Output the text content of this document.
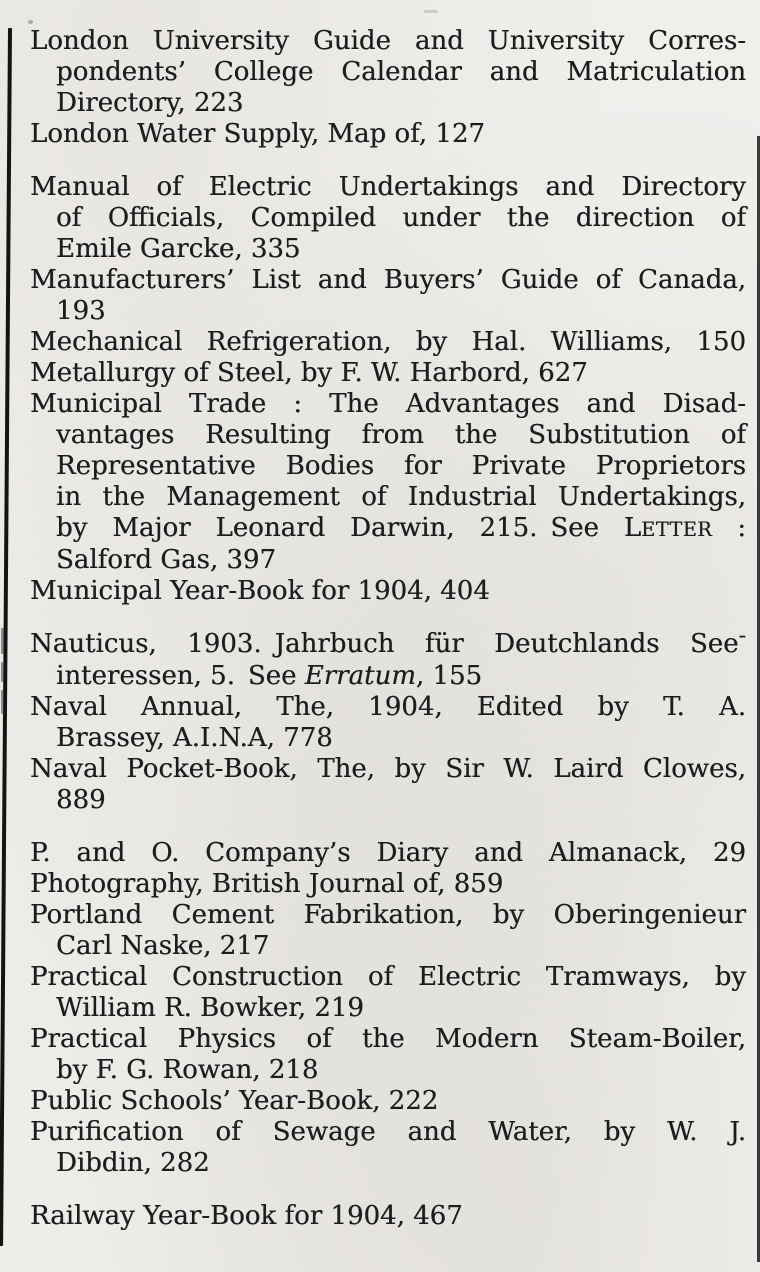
London University Guide and University Corres-
pondents’ College Calendar and Matriculation
Directory, 223
London Water Supply, Map of, 127
Manual of Electric Undertakings and Directory
of Officials, Compiled under the direction of
Emile Garcke, 335
Manufacturers’ List and Buyers’ Guide of Canada,
193
Mechanical Refrigeration, by Hal. Williams, 150
Metallurgy of Steel, by F. W. Harbord, 627
Municipal Trade : The Advantages and Disad-
vantages Resulting from the Substitution of
Representative Bodies for Private Proprietors
in the Management of Industrial Undertakings,
by Major Leonard Darwin, 215. See LETTER :
Salford Gas, 397
Municipal Year-Book for 1904, 404
Nauticus, 1903. Jahrbuch für Deutchlands See-
interessen, 5. See Erratum, 155
Naval Annual, The, 1904, Edited by T. A.
Brassey, A.I.N.A, 778
Naval Pocket-Book, The, by Sir W. Laird Clowes,
889
P. and O. Company’s Diary and Almanack, 29
Photography, British Journal of, 859
Portland Cement Fabrikation, by Oberingenieur
Carl Naske, 217
Practical Construction of Electric Tramways, by
William R. Bowker, 219
Practical Physics of the Modern Steam-Boiler,
by F. G. Rowan, 218
Public Schools’ Year-Book, 222
Purification of Sewage and Water, by W. J.
Dibdin, 282
Railway Year-Book for 1904, 467
